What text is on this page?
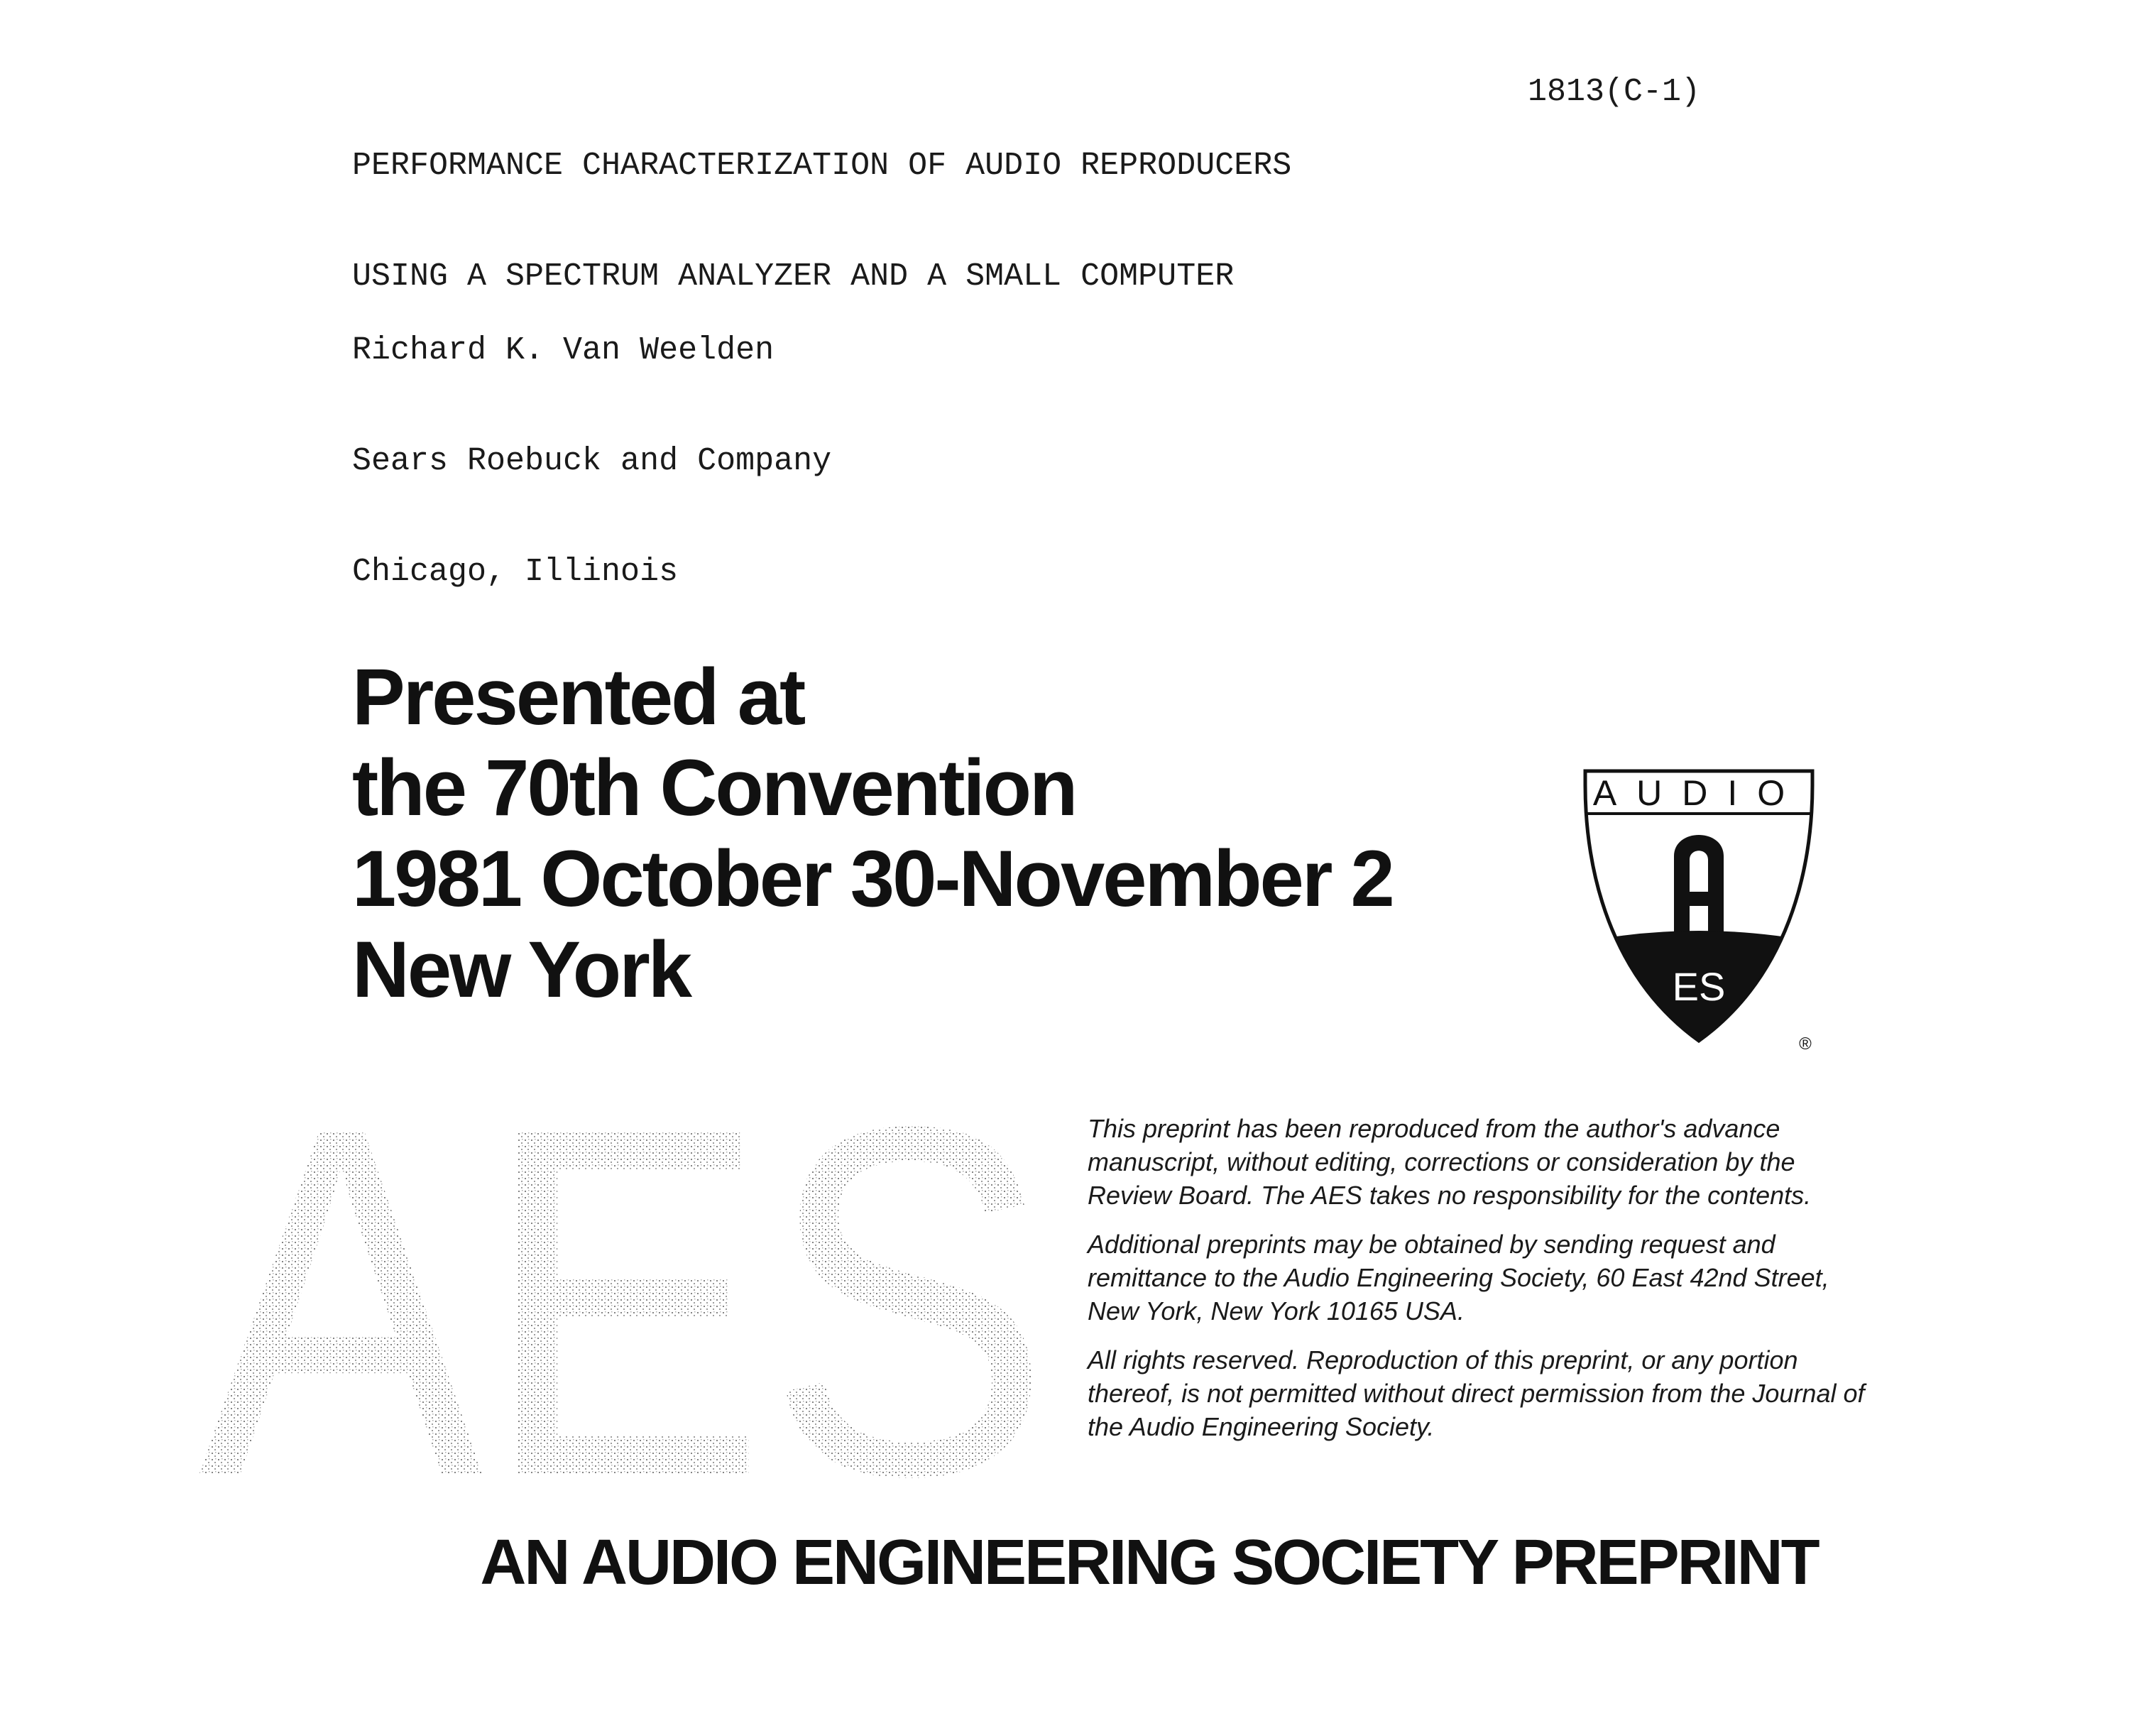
PERFORMANCE CHARACTERIZATION OF AUDIO REPRODUCERS

USING A SPECTRUM ANALYZER AND A SMALL COMPUTER

1813(C-1)

Richard K. Van Weelden

Sears Roebuck and Company

Chicago, Illinois

Presented at
the 70th Convention
1981 October 30-November 2
New York
AUDIO
ES
®
AES This preprint has been reproduced from the author's advance manuscript, without editing, corrections or consideration by the Review Board. The AES takes no responsibility for the contents.

Additional preprints may be obtained by sending request and remittance to the Audio Engineering Society, 60 East 42nd Street, New York, New York 10165 USA.

All rights reserved. Reproduction of this preprint, or any portion thereof, is not permitted without direct permission from the Journal of the Audio Engineering Society.

AN AUDIO ENGINEERING SOCIETY PREPRINT
